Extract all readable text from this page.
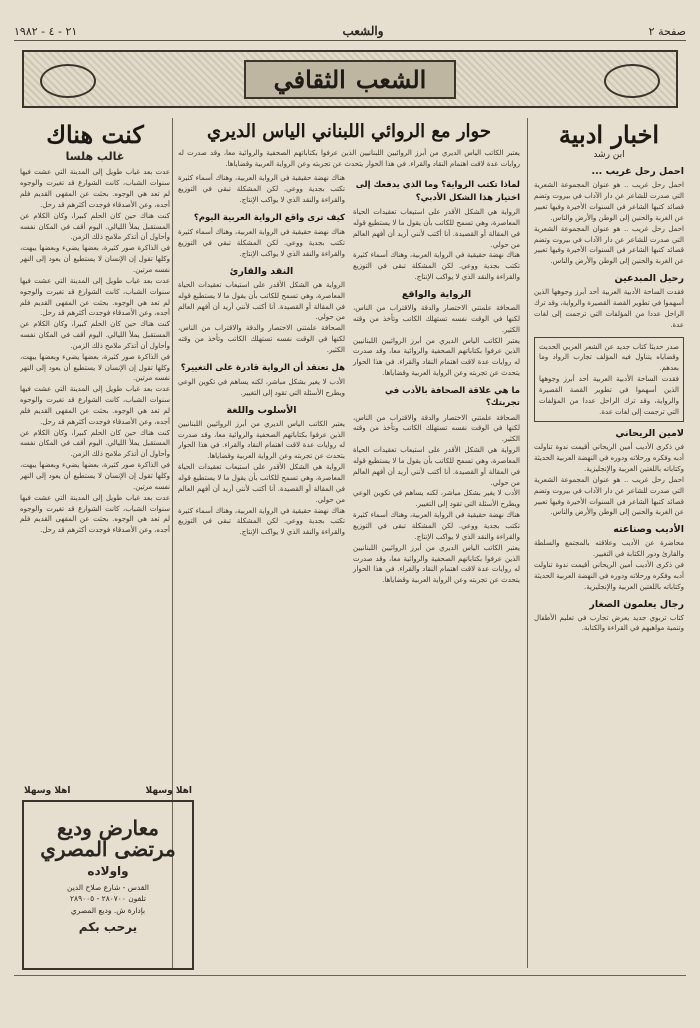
صفحة ٢
والشعب
٢١ - ٤ - ١٩٨٢
الشعب
الثقافي
اخبار ادبية
ابن رشد
احمل رحل غريب ...
احمل رحل غريب .. هو عنوان المجموعة الشعرية التي صدرت للشاعر عن دار الآداب في بيروت وتضم قصائد كتبها الشاعر في السنوات الأخيرة وفيها تعبير عن الغربة والحنين إلى الوطن والأرض والناس.
احمل رحل غريب .. هو عنوان المجموعة الشعرية التي صدرت للشاعر عن دار الآداب في بيروت وتضم قصائد كتبها الشاعر في السنوات الأخيرة وفيها تعبير عن الغربة والحنين إلى الوطن والأرض والناس.
رحيل المبدعين
فقدت الساحة الأدبية العربية أحد أبرز وجوهها الذين أسهموا في تطوير القصة القصيرة والرواية، وقد ترك الراحل عددا من المؤلفات التي ترجمت إلى لغات عدة.
صدر حديثا كتاب جديد عن الشعر العربي الحديث وقضاياه يتناول فيه المؤلف تجارب الرواد وما بعدهم.
فقدت الساحة الأدبية العربية أحد أبرز وجوهها الذين أسهموا في تطوير القصة القصيرة والرواية، وقد ترك الراحل عددا من المؤلفات التي ترجمت إلى لغات عدة.
لامين الريحاني
في ذكرى الأديب أمين الريحاني أقيمت ندوة تناولت أدبه وفكره ورحلاته ودوره في النهضة العربية الحديثة وكتاباته باللغتين العربية والإنجليزية.
احمل رحل غريب .. هو عنوان المجموعة الشعرية التي صدرت للشاعر عن دار الآداب في بيروت وتضم قصائد كتبها الشاعر في السنوات الأخيرة وفيها تعبير عن الغربة والحنين إلى الوطن والأرض والناس.
الأديب وصناعته
محاضرة عن الأديب وعلاقته بالمجتمع والسلطة والقارئ ودور الكتابة في التغيير.
في ذكرى الأديب أمين الريحاني أقيمت ندوة تناولت أدبه وفكره ورحلاته ودوره في النهضة العربية الحديثة وكتاباته باللغتين العربية والإنجليزية.
رجال يعلمون الصغار
كتاب تربوي جديد يعرض تجارب في تعليم الأطفال وتنمية مواهبهم في القراءة والكتابة.
حوار مع الروائي اللبناني الياس الديري
يعتبر الكاتب الياس الديري من أبرز الروائيين اللبنانيين الذين عرفوا بكتاباتهم الصحفية والروائية معا، وقد صدرت له روايات عدة لاقت اهتمام النقاد والقراء. في هذا الحوار يتحدث عن تجربته وعن الرواية العربية وقضاياها.
لماذا تكتب الرواية؟ وما الذي يدفعك إلى اختيار هذا الشكل الأدبي؟
الرواية هي الشكل الأقدر على استيعاب تعقيدات الحياة المعاصرة، وهي تسمح للكاتب بأن يقول ما لا يستطيع قوله في المقالة أو القصيدة. أنا أكتب لأنني أريد أن أفهم العالم من حولي.
هناك نهضة حقيقية في الرواية العربية، وهناك أسماء كثيرة تكتب بجدية ووعي. لكن المشكلة تبقى في التوزيع والقراءة والنقد الذي لا يواكب الإنتاج.
الرواية والواقع
الصحافة علمتني الاختصار والدقة والاقتراب من الناس، لكنها في الوقت نفسه تستهلك الكاتب وتأخذ من وقته الكثير.
يعتبر الكاتب الياس الديري من أبرز الروائيين اللبنانيين الذين عرفوا بكتاباتهم الصحفية والروائية معا، وقد صدرت له روايات عدة لاقت اهتمام النقاد والقراء. في هذا الحوار يتحدث عن تجربته وعن الرواية العربية وقضاياها.
ما هي علاقة الصحافة بالأدب في تجربتك؟
الصحافة علمتني الاختصار والدقة والاقتراب من الناس، لكنها في الوقت نفسه تستهلك الكاتب وتأخذ من وقته الكثير.
الرواية هي الشكل الأقدر على استيعاب تعقيدات الحياة المعاصرة، وهي تسمح للكاتب بأن يقول ما لا يستطيع قوله في المقالة أو القصيدة. أنا أكتب لأنني أريد أن أفهم العالم من حولي.
الأدب لا يغير بشكل مباشر، لكنه يساهم في تكوين الوعي ويطرح الأسئلة التي تقود إلى التغيير.
هناك نهضة حقيقية في الرواية العربية، وهناك أسماء كثيرة تكتب بجدية ووعي. لكن المشكلة تبقى في التوزيع والقراءة والنقد الذي لا يواكب الإنتاج.
يعتبر الكاتب الياس الديري من أبرز الروائيين اللبنانيين الذين عرفوا بكتاباتهم الصحفية والروائية معا، وقد صدرت له روايات عدة لاقت اهتمام النقاد والقراء. في هذا الحوار يتحدث عن تجربته وعن الرواية العربية وقضاياها.
هناك نهضة حقيقية في الرواية العربية، وهناك أسماء كثيرة تكتب بجدية ووعي. لكن المشكلة تبقى في التوزيع والقراءة والنقد الذي لا يواكب الإنتاج.
كيف ترى واقع الرواية العربية اليوم؟
هناك نهضة حقيقية في الرواية العربية، وهناك أسماء كثيرة تكتب بجدية ووعي. لكن المشكلة تبقى في التوزيع والقراءة والنقد الذي لا يواكب الإنتاج.
النقد والقارئ
الرواية هي الشكل الأقدر على استيعاب تعقيدات الحياة المعاصرة، وهي تسمح للكاتب بأن يقول ما لا يستطيع قوله في المقالة أو القصيدة. أنا أكتب لأنني أريد أن أفهم العالم من حولي.
الصحافة علمتني الاختصار والدقة والاقتراب من الناس، لكنها في الوقت نفسه تستهلك الكاتب وتأخذ من وقته الكثير.
هل تعتقد أن الرواية قادرة على التغيير؟
الأدب لا يغير بشكل مباشر، لكنه يساهم في تكوين الوعي ويطرح الأسئلة التي تقود إلى التغيير.
الأسلوب واللغة
يعتبر الكاتب الياس الديري من أبرز الروائيين اللبنانيين الذين عرفوا بكتاباتهم الصحفية والروائية معا، وقد صدرت له روايات عدة لاقت اهتمام النقاد والقراء. في هذا الحوار يتحدث عن تجربته وعن الرواية العربية وقضاياها.
الرواية هي الشكل الأقدر على استيعاب تعقيدات الحياة المعاصرة، وهي تسمح للكاتب بأن يقول ما لا يستطيع قوله في المقالة أو القصيدة. أنا أكتب لأنني أريد أن أفهم العالم من حولي.
هناك نهضة حقيقية في الرواية العربية، وهناك أسماء كثيرة تكتب بجدية ووعي. لكن المشكلة تبقى في التوزيع والقراءة والنقد الذي لا يواكب الإنتاج.
كنت هناك
غالب هلسا
عدت بعد غياب طويل إلى المدينة التي عشت فيها سنوات الشباب، كانت الشوارع قد تغيرت والوجوه لم تعد هي الوجوه. بحثت عن المقهى القديم فلم أجده، وعن الأصدقاء فوجدت أكثرهم قد رحل.
كنت هناك حين كان الحلم كبيرا، وكان الكلام عن المستقبل يملأ الليالي. اليوم أقف في المكان نفسه وأحاول أن أتذكر ملامح ذلك الزمن.
في الذاكرة صور كثيرة، بعضها يضيء وبعضها يبهت، وكلها تقول إن الإنسان لا يستطيع أن يعود إلى النهر نفسه مرتين.
عدت بعد غياب طويل إلى المدينة التي عشت فيها سنوات الشباب، كانت الشوارع قد تغيرت والوجوه لم تعد هي الوجوه. بحثت عن المقهى القديم فلم أجده، وعن الأصدقاء فوجدت أكثرهم قد رحل.
كنت هناك حين كان الحلم كبيرا، وكان الكلام عن المستقبل يملأ الليالي. اليوم أقف في المكان نفسه وأحاول أن أتذكر ملامح ذلك الزمن.
في الذاكرة صور كثيرة، بعضها يضيء وبعضها يبهت، وكلها تقول إن الإنسان لا يستطيع أن يعود إلى النهر نفسه مرتين.
عدت بعد غياب طويل إلى المدينة التي عشت فيها سنوات الشباب، كانت الشوارع قد تغيرت والوجوه لم تعد هي الوجوه. بحثت عن المقهى القديم فلم أجده، وعن الأصدقاء فوجدت أكثرهم قد رحل.
كنت هناك حين كان الحلم كبيرا، وكان الكلام عن المستقبل يملأ الليالي. اليوم أقف في المكان نفسه وأحاول أن أتذكر ملامح ذلك الزمن.
في الذاكرة صور كثيرة، بعضها يضيء وبعضها يبهت، وكلها تقول إن الإنسان لا يستطيع أن يعود إلى النهر نفسه مرتين.
عدت بعد غياب طويل إلى المدينة التي عشت فيها سنوات الشباب، كانت الشوارع قد تغيرت والوجوه لم تعد هي الوجوه. بحثت عن المقهى القديم فلم أجده، وعن الأصدقاء فوجدت أكثرهم قد رحل.
اهلا وسهلا
اهلا وسهلا
معارض وديع مرتضى المصري
واولاده
القدس - شارع صلاح الدين
تلفون ٢٨٠٧٠٠ - ٢٨٩٠٠٥
بإدارة ش. وديع المصري
يرحب بكم
